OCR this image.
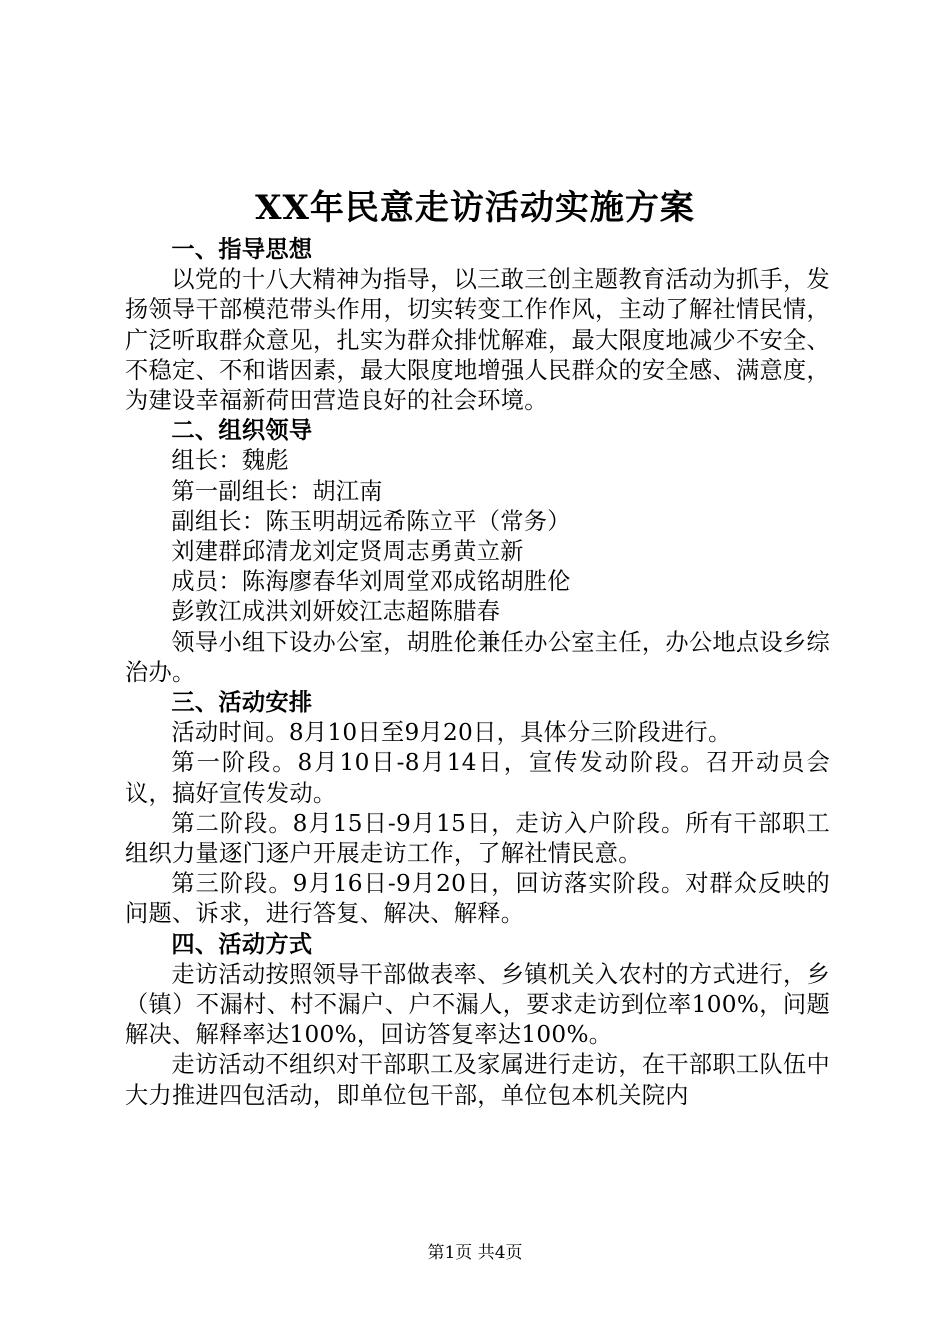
XX年民意走访活动实施方案

一、指导思想

以党的十八大精神为指导，以三敢三创主题教育活动为抓手，发扬领导干部模范带头作用，切实转变工作作风，主动了解社情民情，广泛听取群众意见，扎实为群众排忧解难，最大限度地减少不安全、不稳定、不和谐因素，最大限度地增强人民群众的安全感、满意度，为建设幸福新荷田营造良好的社会环境。

二、组织领导

组长：魏彪

第一副组长：胡江南

副组长：陈玉明胡远希陈立平（常务）

刘建群邱清龙刘定贤周志勇黄立新

成员：陈海廖春华刘周堂邓成铭胡胜伦

彭敦江成洪刘妍姣江志超陈腊春

领导小组下设办公室，胡胜伦兼任办公室主任，办公地点设乡综治办。

三、活动安排

活动时间。8月10日至9月20日，具体分三阶段进行。

第一阶段。8月10日-8月14日，宣传发动阶段。召开动员会议，搞好宣传发动。

第二阶段。8月15日-9月15日，走访入户阶段。所有干部职工组织力量逐门逐户开展走访工作，了解社情民意。

第三阶段。9月16日-9月20日，回访落实阶段。对群众反映的问题、诉求，进行答复、解决、解释。

四、活动方式

走访活动按照领导干部做表率、乡镇机关入农村的方式进行，乡（镇）不漏村、村不漏户、户不漏人，要求走访到位率100%，问题解决、解释率达100%，回访答复率达100%。

走访活动不组织对干部职工及家属进行走访，在干部职工队伍中大力推进四包活动，即单位包干部，单位包本机关院内

第1页 共4页
